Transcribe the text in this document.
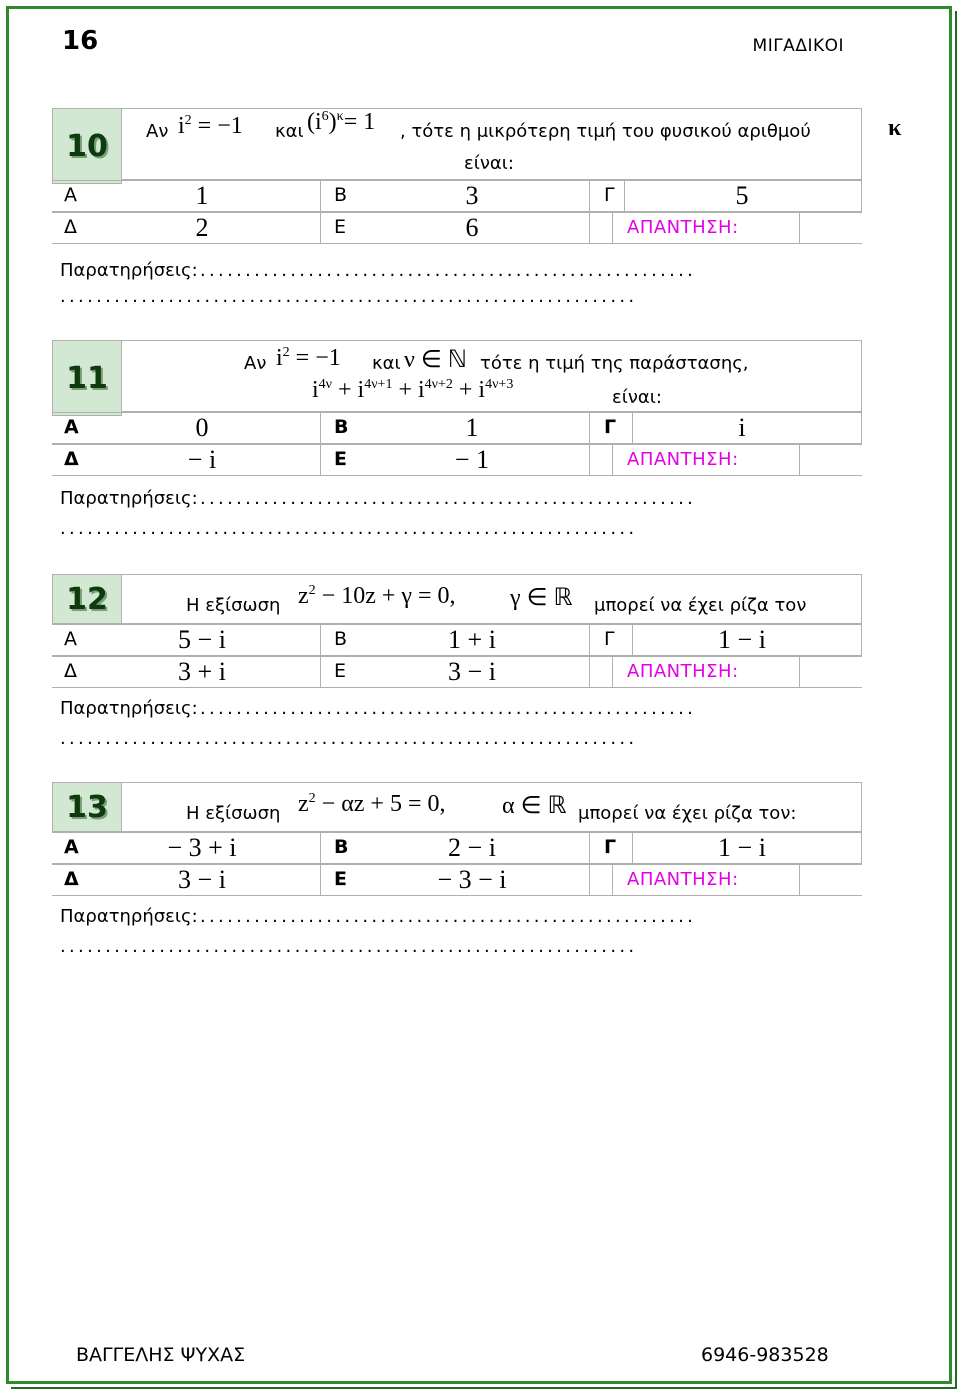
16	ΜΙΓΑΔΙΚΟΙ
10	Αν $i^2 = -1$ και $(i^6)^\kappa= 1$ , τότε η μικρότερη τιμή του φυσικού αριθμού	κ
είναι:
Α	1	Β	3	Γ	5
Δ	2	Ε	6	ΑΠΑΝΤΗΣΗ:
Παρατηρήσεις: .......................................................
................................................................
11	Αν $i^2 = -1$ και ν ∈ ℕ τότε η τιμή της παράστασης,
$i^{4\nu} + i^{4\nu+1} + i^{4\nu+2} + i^{4\nu+3}$
είναι:
Α	0	Β	1	Γ	i
Δ	− i	Ε	− 1	ΑΠΑΝΤΗΣΗ:
Παρατηρήσεις: .......................................................
................................................................
12	Η εξίσωση $z^2 - 10z + \gamma = 0$, γ ∈ ℝ μπορεί να έχει ρίζα τον
Α	5 − i	Β	1 + i	Γ	1 − i
Δ	3 + i	Ε	3 − i	ΑΠΑΝΤΗΣΗ:
Παρατηρήσεις: .......................................................
................................................................
13	Η εξίσωση $z^2 - \alpha z + 5 = 0$, α ∈ ℝ μπορεί να έχει ρίζα τον:
Α	− 3 + i	Β	2 − i	Γ	1 − i
Δ	3 − i	Ε	− 3 − i	ΑΠΑΝΤΗΣΗ:
Παρατηρήσεις: .......................................................
................................................................
ΒΑΓΓΕΛΗΣ ΨΥΧΑΣ	6946-983528
